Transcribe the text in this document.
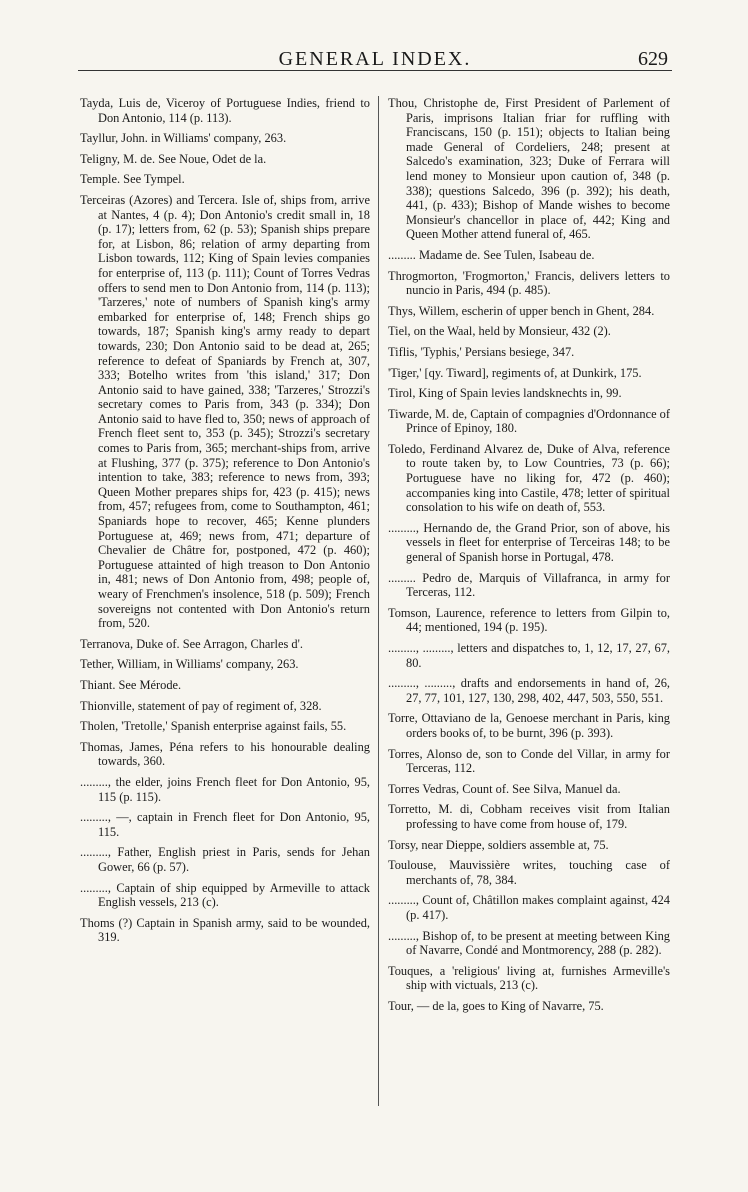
GENERAL INDEX.	629

Tayda, Luis de, Viceroy of Portuguese Indies, friend to Don Antonio, 114 (p. 113).

Tayllur, John. in Williams' company, 263.

Teligny, M. de. See Noue, Odet de la.

Temple. See Tympel.

Terceiras (Azores) and Tercera. Isle of, ships from, arrive at Nantes, 4 (p. 4); Don Antonio's credit small in, 18 (p. 17); letters from, 62 (p. 53); Spanish ships prepare for, at Lisbon, 86; relation of army departing from Lisbon towards, 112; King of Spain levies companies for enterprise of, 113 (p. 111); Count of Torres Vedras offers to send men to Don Antonio from, 114 (p. 113); 'Tarzeres,' note of numbers of Spanish king's army embarked for enterprise of, 148; French ships go towards, 187; Spanish king's army ready to depart towards, 230; Don Antonio said to be dead at, 265; reference to defeat of Spaniards by French at, 307, 333; Botelho writes from 'this island,' 317; Don Antonio said to have gained, 338; 'Tarzeres,' Strozzi's secretary comes to Paris from, 343 (p. 334); Don Antonio said to have fled to, 350; news of approach of French fleet sent to, 353 (p. 345); Strozzi's secretary comes to Paris from, 365; merchant-ships from, arrive at Flushing, 377 (p. 375); reference to Don Antonio's intention to take, 383; reference to news from, 393; Queen Mother prepares ships for, 423 (p. 415); news from, 457; refugees from, come to Southampton, 461; Spaniards hope to recover, 465; Kenne plunders Portuguese at, 469; news from, 471; departure of Chevalier de Châtre for, postponed, 472 (p. 460); Portuguese attainted of high treason to Don Antonio in, 481; news of Don Antonio from, 498; people of, weary of Frenchmen's insolence, 518 (p. 509); French sovereigns not contented with Don Antonio's return from, 520.

Terranova, Duke of. See Arragon, Charles d'.

Tether, William, in Williams' company, 263.

Thiant. See Mérode.

Thionville, statement of pay of regiment of, 328.

Tholen, 'Tretolle,' Spanish enterprise against fails, 55.

Thomas, James, Péna refers to his honourable dealing towards, 360.

........., the elder, joins French fleet for Don Antonio, 95, 115 (p. 115).

........., —, captain in French fleet for Don Antonio, 95, 115.

........., Father, English priest in Paris, sends for Jehan Gower, 66 (p. 57).

........., Captain of ship equipped by Armeville to attack English vessels, 213 (c).

Thoms (?) Captain in Spanish army, said to be wounded, 319.

Thou, Christophe de, First President of Parlement of Paris, imprisons Italian friar for ruffling with Franciscans, 150 (p. 151); objects to Italian being made General of Cordeliers, 248; present at Salcedo's examination, 323; Duke of Ferrara will lend money to Monsieur upon caution of, 348 (p. 338); questions Salcedo, 396 (p. 392); his death, 441, (p. 433); Bishop of Mande wishes to become Monsieur's chancellor in place of, 442; King and Queen Mother attend funeral of, 465.

......... Madame de. See Tulen, Isabeau de.

Throgmorton, 'Frogmorton,' Francis, delivers letters to nuncio in Paris, 494 (p. 485).

Thys, Willem, escherin of upper bench in Ghent, 284.

Tiel, on the Waal, held by Monsieur, 432 (2).

Tiflis, 'Typhis,' Persians besiege, 347.

'Tiger,' [qy. Tiward], regiments of, at Dunkirk, 175.

Tirol, King of Spain levies landsknechts in, 99.

Tiwarde, M. de, Captain of compagnies d'Ordonnance of Prince of Epinoy, 180.

Toledo, Ferdinand Alvarez de, Duke of Alva, reference to route taken by, to Low Countries, 73 (p. 66); Portuguese have no liking for, 472 (p. 460); accompanies king into Castile, 478; letter of spiritual consolation to his wife on death of, 553.

........., Hernando de, the Grand Prior, son of above, his vessels in fleet for enterprise of Terceiras 148; to be general of Spanish horse in Portugal, 478.

......... Pedro de, Marquis of Villafranca, in army for Terceras, 112.

Tomson, Laurence, reference to letters from Gilpin to, 44; mentioned, 194 (p. 195).

........., ........., letters and dispatches to, 1, 12, 17, 27, 67, 80.

........., ........., drafts and endorsements in hand of, 26, 27, 77, 101, 127, 130, 298, 402, 447, 503, 550, 551.

Torre, Ottaviano de la, Genoese merchant in Paris, king orders books of, to be burnt, 396 (p. 393).

Torres, Alonso de, son to Conde del Villar, in army for Terceras, 112.

Torres Vedras, Count of. See Silva, Manuel da.

Torretto, M. di, Cobham receives visit from Italian professing to have come from house of, 179.

Torsy, near Dieppe, soldiers assemble at, 75.

Toulouse, Mauvissière writes, touching case of merchants of, 78, 384.

........., Count of, Châtillon makes complaint against, 424 (p. 417).

........., Bishop of, to be present at meeting between King of Navarre, Condé and Montmorency, 288 (p. 282).

Touques, a 'religious' living at, furnishes Armeville's ship with victuals, 213 (c).

Tour, — de la, goes to King of Navarre, 75.
